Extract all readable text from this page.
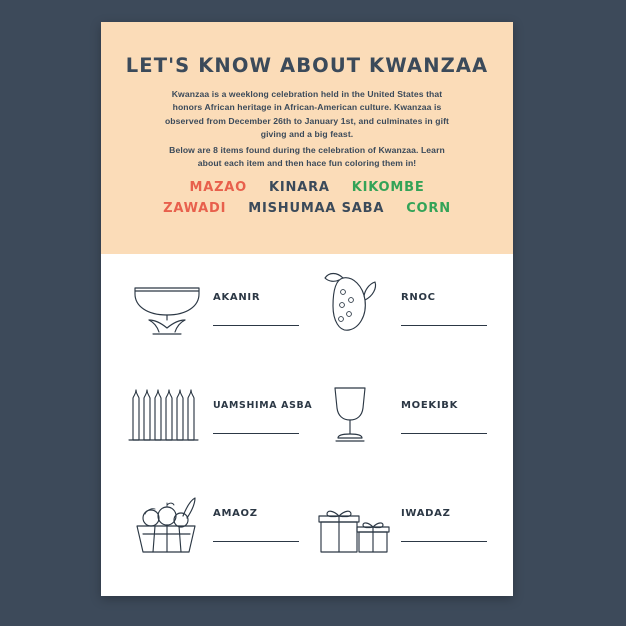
LET'S KNOW ABOUT KWANZAA
Kwanzaa is a weeklong celebration held in the United States that honors African heritage in African-American culture. Kwanzaa is observed from December 26th to January 1st, and culminates in gift giving and a big feast.
Below are 8 items found during the celebration of Kwanzaa. Learn about each item and then hace fun coloring them in!
MAZAO KINARA KIKOMBE
ZAWADI MISHUMAA SABA CORN
AKANIR	RNOC
UAMSHIMA ASBA	MOEKIBK
AMAOZ	IWADAZ
